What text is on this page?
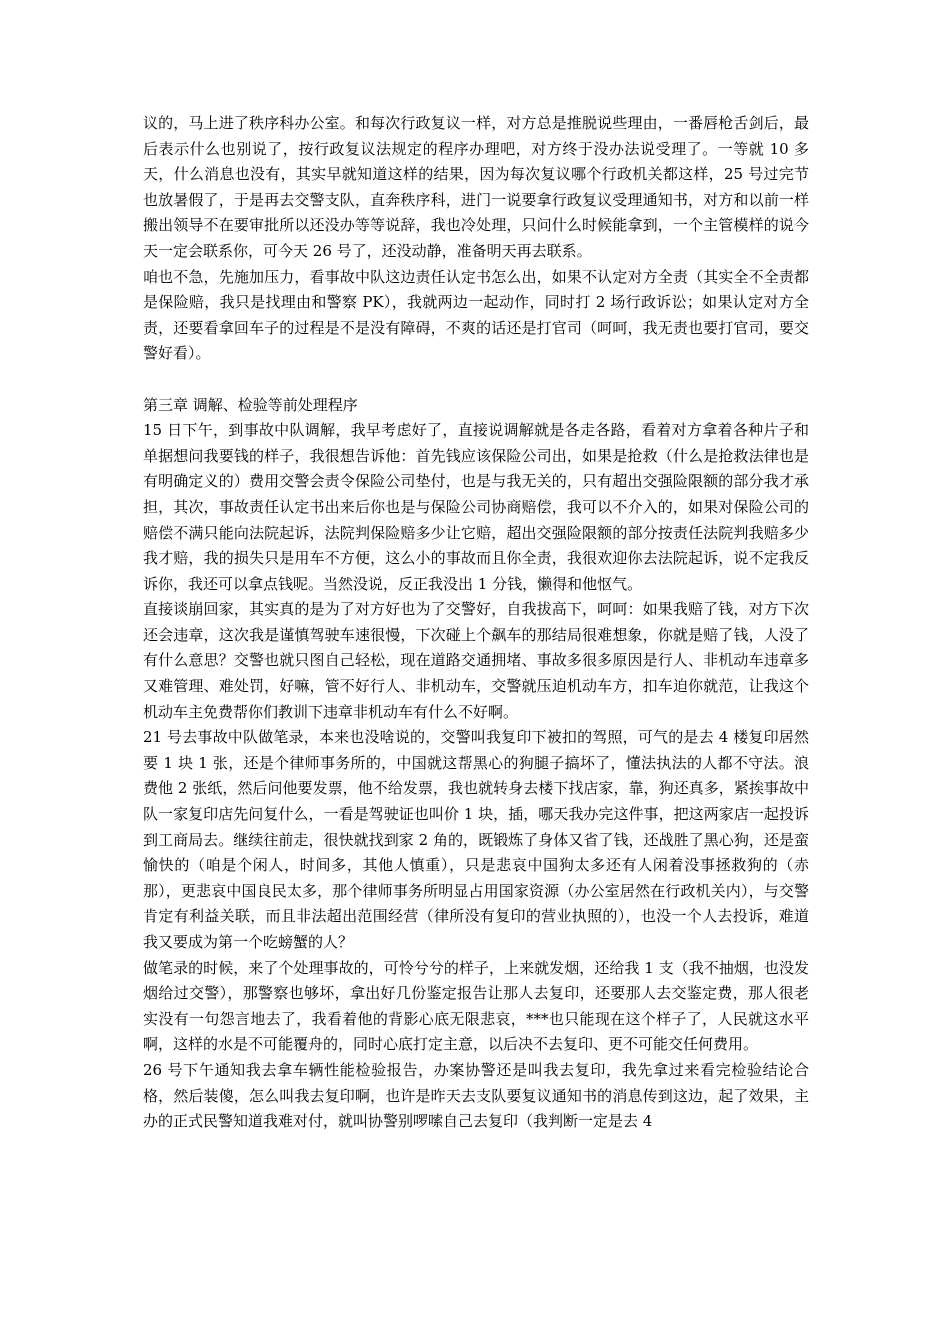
议的，马上进了秩序科办公室。和每次行政复议一样，对方总是推脱说些理由，一番唇枪舌剑后，最后表示什么也别说了，按行政复议法规定的程序办理吧，对方终于没办法说受理了。一等就 10 多天，什么消息也没有，其实早就知道这样的结果，因为每次复议哪个行政机关都这样，25 号过完节也放暑假了，于是再去交警支队，直奔秩序科，进门一说要拿行政复议受理通知书，对方和以前一样搬出领导不在要审批所以还没办等等说辞，我也冷处理，只问什么时候能拿到，一个主管模样的说今天一定会联系你，可今天 26 号了，还没动静，准备明天再去联系。

咱也不急，先施加压力，看事故中队这边责任认定书怎么出，如果不认定对方全责（其实全不全责都是保险赔，我只是找理由和警察 PK），我就两边一起动作，同时打 2 场行政诉讼；如果认定对方全责，还要看拿回车子的过程是不是没有障碍，不爽的话还是打官司（呵呵，我无责也要打官司，要交警好看）。

第三章 调解、检验等前处理程序

15 日下午，到事故中队调解，我早考虑好了，直接说调解就是各走各路，看着对方拿着各种片子和单据想问我要钱的样子，我很想告诉他：首先钱应该保险公司出，如果是抢救（什么是抢救法律也是有明确定义的）费用交警会责令保险公司垫付，也是与我无关的，只有超出交强险限额的部分我才承担，其次，事故责任认定书出来后你也是与保险公司协商赔偿，我可以不介入的，如果对保险公司的赔偿不满只能向法院起诉，法院判保险赔多少让它赔，超出交强险限额的部分按责任法院判我赔多少我才赔，我的损失只是用车不方便，这么小的事故而且你全责，我很欢迎你去法院起诉，说不定我反诉你，我还可以拿点钱呢。当然没说，反正我没出 1 分钱，懒得和他怄气。

直接谈崩回家，其实真的是为了对方好也为了交警好，自我拔高下，呵呵：如果我赔了钱，对方下次还会违章，这次我是谨慎驾驶车速很慢，下次碰上个飙车的那结局很难想象，你就是赔了钱，人没了有什么意思？交警也就只图自己轻松，现在道路交通拥堵、事故多很多原因是行人、非机动车违章多又难管理、难处罚，好嘛，管不好行人、非机动车，交警就压迫机动车方，扣车迫你就范，让我这个机动车主免费帮你们教训下违章非机动车有什么不好啊。

21 号去事故中队做笔录，本来也没啥说的，交警叫我复印下被扣的驾照，可气的是去 4 楼复印居然要 1 块 1 张，还是个律师事务所的，中国就这帮黑心的狗腿子搞坏了，懂法执法的人都不守法。浪费他 2 张纸，然后问他要发票，他不给发票，我也就转身去楼下找店家，靠，狗还真多，紧挨事故中队一家复印店先问复什么，一看是驾驶证也叫价 1 块，插，哪天我办完这件事，把这两家店一起投诉到工商局去。继续往前走，很快就找到家 2 角的，既锻炼了身体又省了钱，还战胜了黑心狗，还是蛮愉快的（咱是个闲人，时间多，其他人慎重），只是悲哀中国狗太多还有人闲着没事拯救狗的（赤那），更悲哀中国良民太多，那个律师事务所明显占用国家资源（办公室居然在行政机关内），与交警肯定有利益关联，而且非法超出范围经营（律所没有复印的营业执照的），也没一个人去投诉，难道我又要成为第一个吃螃蟹的人？

做笔录的时候，来了个处理事故的，可怜兮兮的样子，上来就发烟，还给我 1 支（我不抽烟，也没发烟给过交警），那警察也够坏，拿出好几份鉴定报告让那人去复印，还要那人去交鉴定费，那人很老实没有一句怨言地去了，我看着他的背影心底无限悲哀，***也只能现在这个样子了，人民就这水平啊，这样的水是不可能覆舟的，同时心底打定主意，以后决不去复印、更不可能交任何费用。

26 号下午通知我去拿车辆性能检验报告，办案协警还是叫我去复印，我先拿过来看完检验结论合格，然后装傻，怎么叫我去复印啊，也许是昨天去支队要复议通知书的消息传到这边，起了效果，主办的正式民警知道我难对付，就叫协警别啰嗦自己去复印（我判断一定是去 4
